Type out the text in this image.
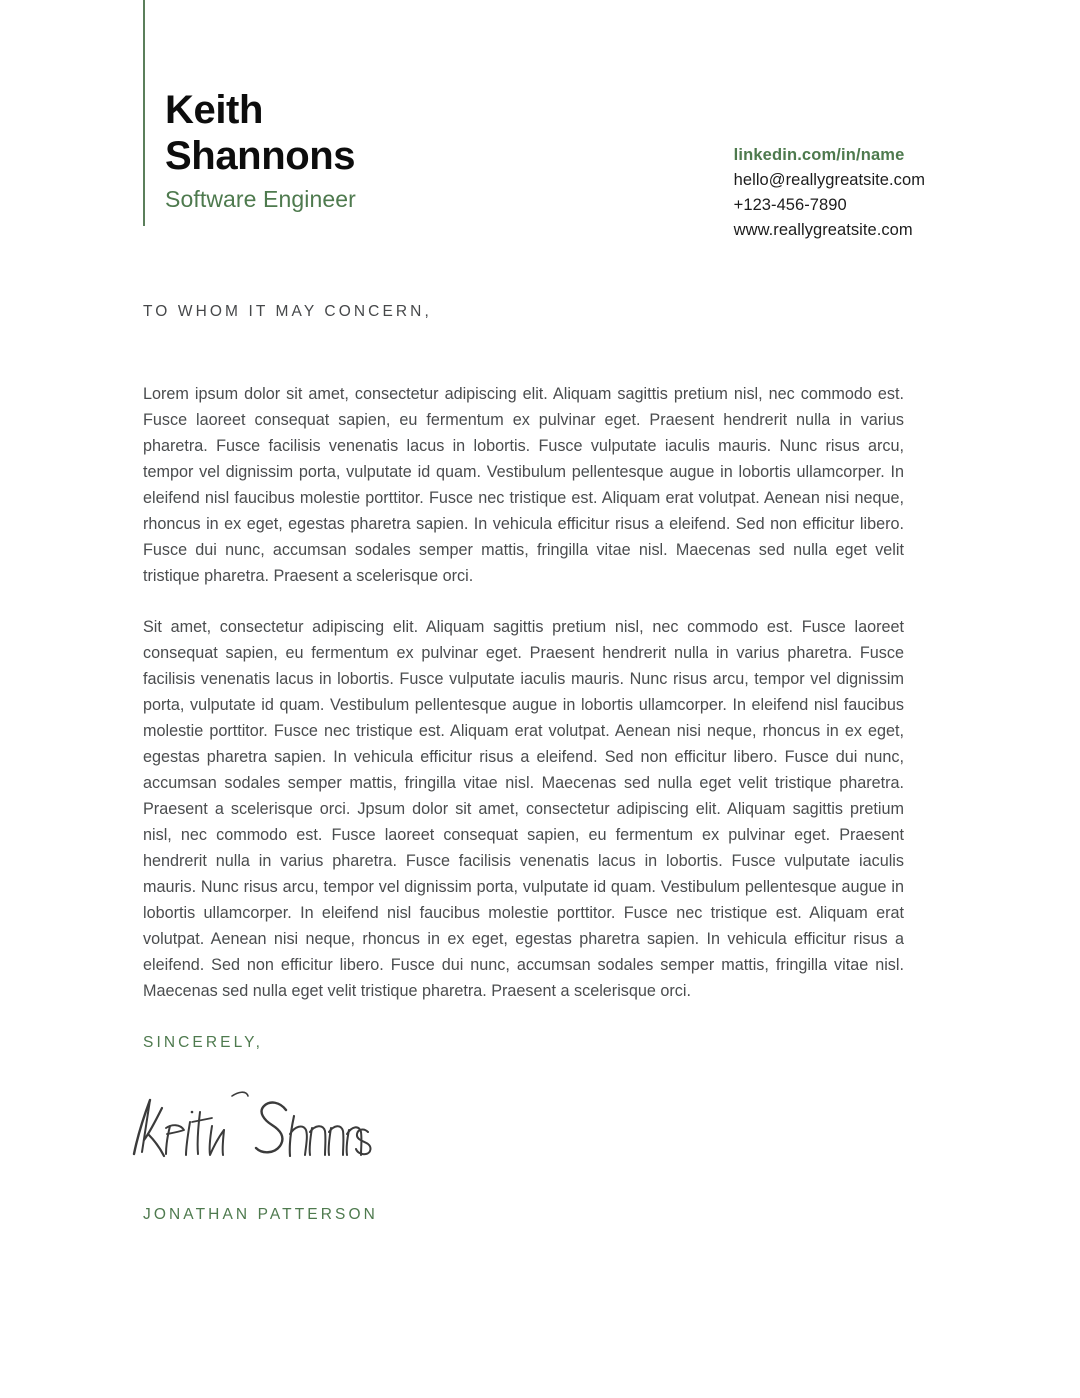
Keith
Shannons
Software Engineer
linkedin.com/in/name
hello@reallygreatsite.com
+123-456-7890
www.reallygreatsite.com
TO WHOM IT MAY CONCERN,

Lorem ipsum dolor sit amet, consectetur adipiscing elit. Aliquam sagittis pretium nisl, nec commodo est. Fusce laoreet consequat sapien, eu fermentum ex pulvinar eget. Praesent hendrerit nulla in varius pharetra. Fusce facilisis venenatis lacus in lobortis. Fusce vulputate iaculis mauris. Nunc risus arcu, tempor vel dignissim porta, vulputate id quam. Vestibulum pellentesque augue in lobortis ullamcorper. In eleifend nisl faucibus molestie porttitor. Fusce nec tristique est. Aliquam erat volutpat. Aenean nisi neque, rhoncus in ex eget, egestas pharetra sapien. In vehicula efficitur risus a eleifend. Sed non efficitur libero. Fusce dui nunc, accumsan sodales semper mattis, fringilla vitae nisl. Maecenas sed nulla eget velit tristique pharetra. Praesent a scelerisque orci.

Sit amet, consectetur adipiscing elit. Aliquam sagittis pretium nisl, nec commodo est. Fusce laoreet consequat sapien, eu fermentum ex pulvinar eget. Praesent hendrerit nulla in varius pharetra. Fusce facilisis venenatis lacus in lobortis. Fusce vulputate iaculis mauris. Nunc risus arcu, tempor vel dignissim porta, vulputate id quam. Vestibulum pellentesque augue in lobortis ullamcorper. In eleifend nisl faucibus molestie porttitor. Fusce nec tristique est. Aliquam erat volutpat. Aenean nisi neque, rhoncus in ex eget, egestas pharetra sapien. In vehicula efficitur risus a eleifend. Sed non efficitur libero. Fusce dui nunc, accumsan sodales semper mattis, fringilla vitae nisl. Maecenas sed nulla eget velit tristique pharetra. Praesent a scelerisque orci. Jpsum dolor sit amet, consectetur adipiscing elit. Aliquam sagittis pretium nisl, nec commodo est. Fusce laoreet consequat sapien, eu fermentum ex pulvinar eget. Praesent hendrerit nulla in varius pharetra. Fusce facilisis venenatis lacus in lobortis. Fusce vulputate iaculis mauris. Nunc risus arcu, tempor vel dignissim porta, vulputate id quam. Vestibulum pellentesque augue in lobortis ullamcorper. In eleifend nisl faucibus molestie porttitor. Fusce nec tristique est. Aliquam erat volutpat. Aenean nisi neque, rhoncus in ex eget, egestas pharetra sapien. In vehicula efficitur risus a eleifend. Sed non efficitur libero. Fusce dui nunc, accumsan sodales semper mattis, fringilla vitae nisl. Maecenas sed nulla eget velit tristique pharetra. Praesent a scelerisque orci.

SINCERELY,
JONATHAN PATTERSON
